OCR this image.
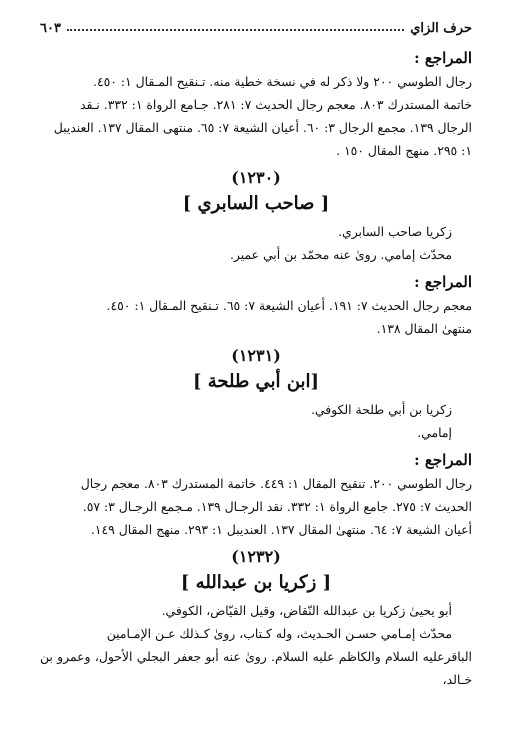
حرف الزاي
٦٠٣
المراجع :

رجال الطوسي ٢٠٠ ولا ذكر له في نسخة خطية منه. تـنقيح المـقال ١: ٤٥٠.

خاتمة المستدرك ٨٠٣. معجم رجال الحديث ٧: ٢٨١. جـامع الرواة ١: ٣٣٢. نـقد

الرجال ١٣٩. مجمع الرجال ٣: ٦٠. أعيان الشيعة ٧: ٦٥. منتهى المقال ١٣٧. العنديبل

١: ٢٩٥. منهج المقال ١٥٠ .

(١٢٣٠)
[ صاحب السابري ]

زكريا صاحب السابري.

محدّث إمامي. روىٰ عنه محمّد بن أبي عمير.

المراجع :

معجم رجال الحديث ٧: ١٩١. أعيان الشيعة ٧: ٦٥. تـنقيح المـقال ١: ٤٥٠.

منتهىٰ المقال ١٣٨.

(١٢٣١)
[ابن أبي طلحة ]

زكريا بن أبي طلحة الكوفي.

إمامي.

المراجع :

رجال الطوسي ٢٠٠. تنقيح المقال ١: ٤٤٩. خاتمة المستدرك ٨٠٣. معجم رجال

الحديث ٧: ٢٧٥. جامع الرواة ١: ٣٣٢. نقد الرجـال ١٣٩. مـجمع الرجـال ٣: ٥٧.

أعيان الشيعة ٧: ٦٤. منتهىٰ المقال ١٣٧. العنديبل ١: ٢٩٣. منهج المقال ١٤٩.

(١٢٣٢)
[ زكريا بن عبدالله ]

أبو يحيىٰ زكريا بن عبدالله النّقاض، وقيل القيّاض، الكوفي.

محدّث إمـامي حسـن الحـديث، وله كـتاب، روىٰ كـذلك عـن الإمـامين

الباقرعليه السلام والكاظم عليه السلام. روىٰ عنه أبو جعفر البجلي الأحول، وعمرو بن خـالد،
